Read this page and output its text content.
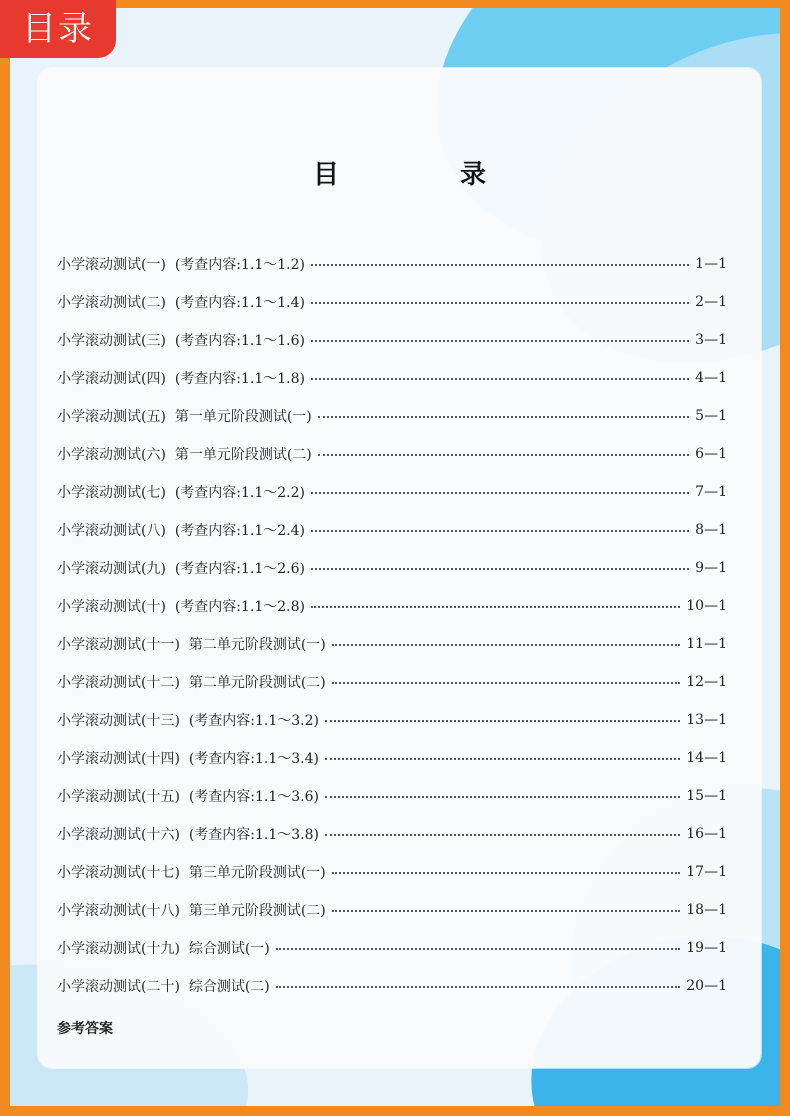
目 录
小学滚动测试(一)  (考查内容:1.1～1.2)	1—1
小学滚动测试(二)  (考查内容:1.1～1.4)	2—1
小学滚动测试(三)  (考查内容:1.1～1.6)	3—1
小学滚动测试(四)  (考查内容:1.1～1.8)	4—1
小学滚动测试(五)  第一单元阶段测试(一)	5—1
小学滚动测试(六)  第一单元阶段测试(二)	6—1
小学滚动测试(七)  (考查内容:1.1～2.2)	7—1
小学滚动测试(八)  (考查内容:1.1～2.4)	8—1
小学滚动测试(九)  (考查内容:1.1～2.6)	9—1
小学滚动测试(十)  (考查内容:1.1～2.8)	10—1
小学滚动测试(十一)  第二单元阶段测试(一)	11—1
小学滚动测试(十二)  第二单元阶段测试(二)	12—1
小学滚动测试(十三)  (考查内容:1.1～3.2)	13—1
小学滚动测试(十四)  (考查内容:1.1～3.4)	14—1
小学滚动测试(十五)  (考查内容:1.1～3.6)	15—1
小学滚动测试(十六)  (考查内容:1.1～3.8)	16—1
小学滚动测试(十七)  第三单元阶段测试(一)	17—1
小学滚动测试(十八)  第三单元阶段测试(二)	18—1
小学滚动测试(十九)  综合测试(一)	19—1
小学滚动测试(二十)  综合测试(二)	20—1
参考答案
目录
